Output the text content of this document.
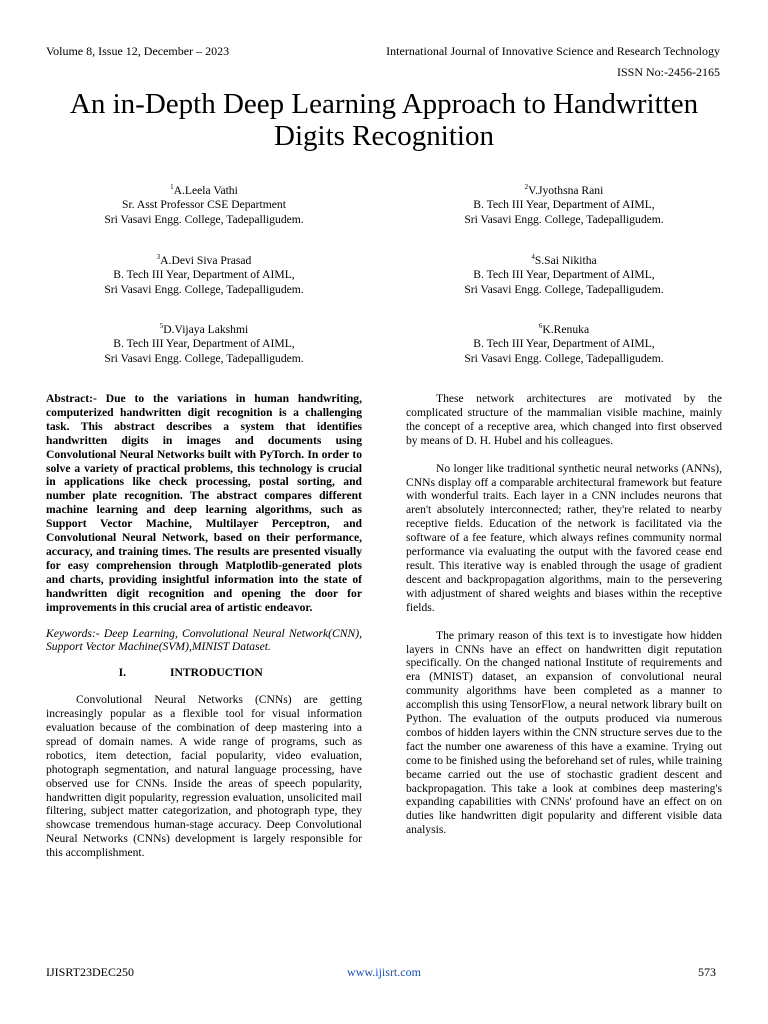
Volume 8, Issue 12, December – 2023	International Journal of Innovative Science and Research Technology
ISSN No:-2456-2165
An in-Depth Deep Learning Approach to Handwritten
Digits Recognition
$^1$A.Leela Vathi
Sr. Asst Professor CSE Department
Sri Vasavi Engg. College, Tadepalligudem.
$^2$V.Jyothsna Rani
B. Tech III Year, Department of AIML,
Sri Vasavi Engg. College, Tadepalligudem.
$^3$A.Devi Siva Prasad
B. Tech III Year, Department of AIML,
Sri Vasavi Engg. College, Tadepalligudem.
$^4$S.Sai Nikitha
B. Tech III Year, Department of AIML,
Sri Vasavi Engg. College, Tadepalligudem.
$^5$D.Vijaya Lakshmi
B. Tech III Year, Department of AIML,
Sri Vasavi Engg. College, Tadepalligudem.
$^6$K.Renuka
B. Tech III Year, Department of AIML,
Sri Vasavi Engg. College, Tadepalligudem.

Abstract:- Due to the variations in human handwriting, computerized handwritten digit recognition is a challenging task. This abstract describes a system that identifies handwritten digits in images and documents using Convolutional Neural Networks built with PyTorch. In order to solve a variety of practical problems, this technology is crucial in applications like check processing, postal sorting, and number plate recognition. The abstract compares different machine learning and deep learning algorithms, such as Support Vector Machine, Multilayer Perceptron, and Convolutional Neural Network, based on their performance, accuracy, and training times. The results are presented visually for easy comprehension through Matplotlib-generated plots and charts, providing insightful information into the state of handwritten digit recognition and opening the door for improvements in this crucial area of artistic endeavor.

Keywords:- Deep Learning, Convolutional Neural Network(CNN), Support Vector Machine(SVM),MINIST Dataset.

I.	INTRODUCTION

Convolutional Neural Networks (CNNs) are getting increasingly popular as a flexible tool for visual information evaluation because of the combination of deep mastering into a spread of domain names. A wide range of programs, such as robotics, item detection, facial popularity, video evaluation, photograph segmentation, and natural language processing, have observed use for CNNs. Inside the areas of speech popularity, handwritten digit popularity, regression evaluation, unsolicited mail filtering, subject matter categorization, and photograph type, they showcase tremendous human-stage accuracy. Deep Convolutional Neural Networks (CNNs) development is largely responsible for this accomplishment.

These network architectures are motivated by the complicated structure of the mammalian visible machine, mainly the concept of a receptive area, which changed into first observed by means of D. H. Hubel and his colleagues.

No longer like traditional synthetic neural networks (ANNs), CNNs display off a comparable architectural framework but feature with wonderful traits. Each layer in a CNN includes neurons that aren't absolutely interconnected; rather, they're related to nearby receptive fields. Education of the network is facilitated via the software of a fee feature, which always refines community normal performance via evaluating the output with the favored cease end result. This iterative way is enabled through the usage of gradient descent and backpropagation algorithms, main to the persevering with adjustment of shared weights and biases within the receptive fields.

The primary reason of this text is to investigate how hidden layers in CNNs have an effect on handwritten digit reputation specifically. On the changed national Institute of requirements and era (MNIST) dataset, an expansion of convolutional neural community algorithms have been completed as a manner to accomplish this using TensorFlow, a neural network library built on Python. The evaluation of the outputs produced via numerous combos of hidden layers within the CNN structure serves due to the fact the number one awareness of this have a examine. Trying out come to be finished using the beforehand set of rules, while training became carried out the use of stochastic gradient descent and backpropagation. This take a look at combines deep mastering's expanding capabilities with CNNs' profound have an effect on on duties like handwritten digit popularity and different visible data analysis.

IJISRT23DEC250	www.ijisrt.com	573
